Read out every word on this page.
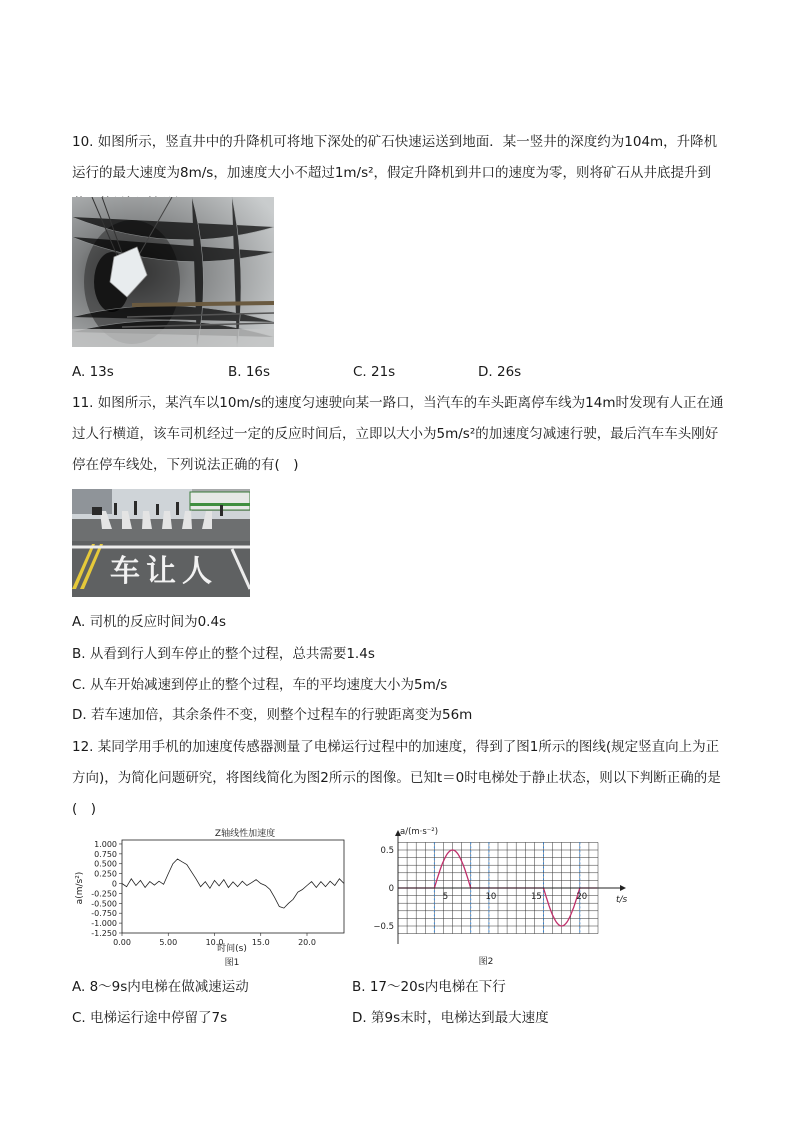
10. 如图所示，竖直井中的升降机可将地下深处的矿石快速运送到地面．某一竖井的深度约为104m，升降机运行的最大速度为8m/s，加速度大小不超过1m/s²，假定升降机到井口的速度为零，则将矿石从井底提升到　
A. 13s	B. 16s	C. 21s	D. 26s
11. 如图所示，某汽车以10m/s的速度匀速驶向某一路口，当汽车的车头距离停车线为14m时发现有人正在通过人行横道，该车司机经过一定的反应时间后，立即以大小为5m/s²的加速度匀减速行驶，最后汽车车头刚好停在停车线处，下列说法正确的有(　)
车让人
A. 司机的反应时间为0.4s
B. 从看到行人到车停止的整个过程，总共需要1.4s
C. 从车开始减速到停止的整个过程，车的平均速度大小为5m/s
D. 若车速加倍，其余条件不变，则整个过程车的行驶距离变为56m
12. 某同学用手机的加速度传感器测量了电梯运行过程中的加速度，得到了图1所示的图线(规定竖直向上为正方向)，为简化问题研究，将图线简化为图2所示的图像。已知t＝0时电梯处于静止状态，则以下判断正确的是(　)
Z轴线性加速度
1.000
0.750
0.500
0.250
0
-0.250
-0.500
-0.750
-1.000
-1.250
0.00	5.00	10.0	15.0	20.0
a(m/s²)
时间(s)
图1
0.5
0
−0.5
5	10	15	20
a/(m·s⁻²)
t/s
图2
A. 8～9s内电梯在做减速运动	B. 17～20s内电梯在下行
C. 电梯运行途中停留了7s	D. 第9s末时，电梯达到最大速度
